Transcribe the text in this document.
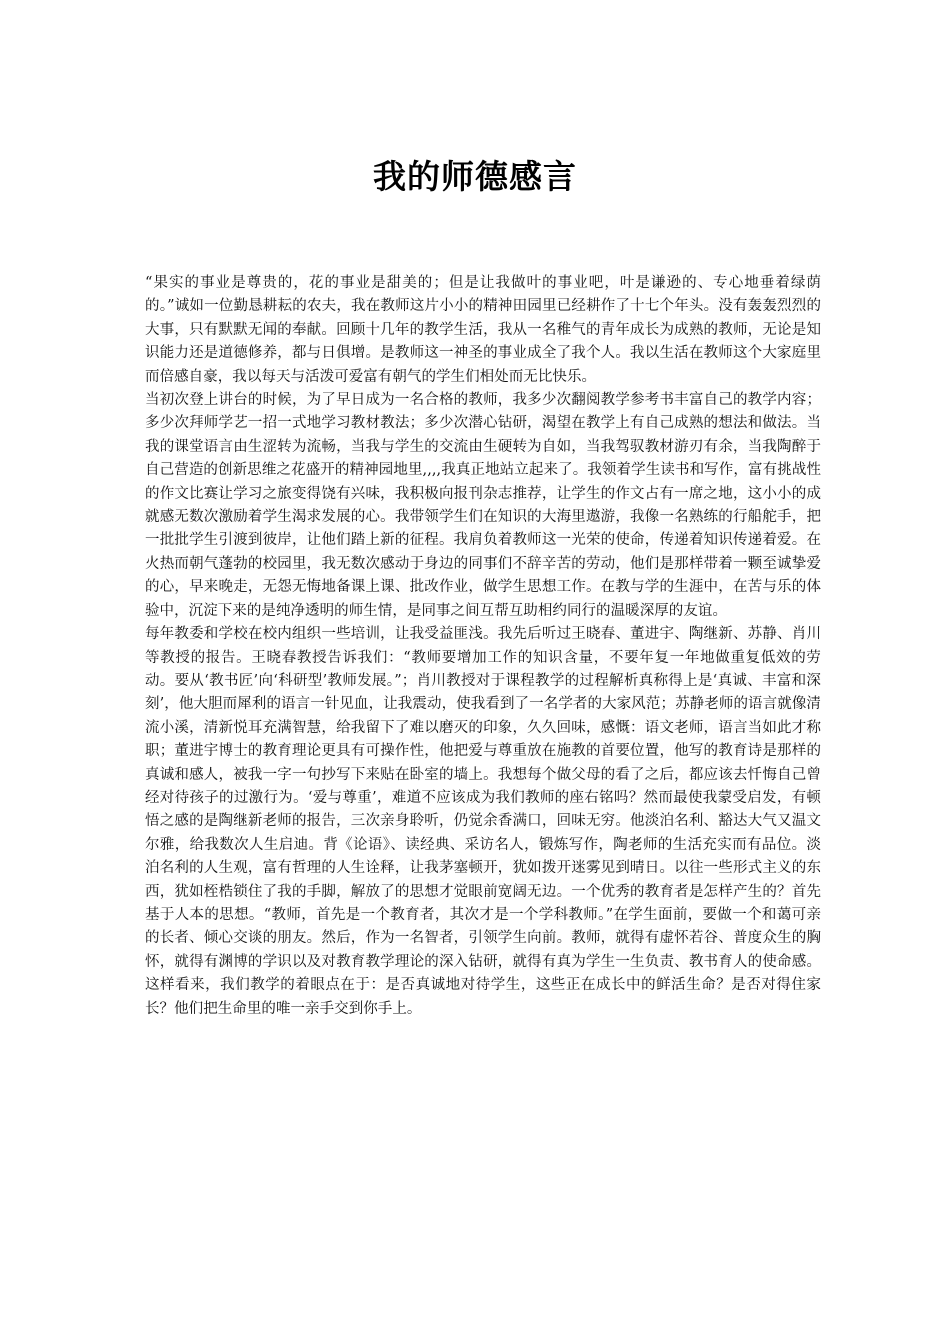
我的师德感言

“果实的事业是尊贵的，花的事业是甜美的；但是让我做叶的事业吧，叶是谦逊的、专心地垂着绿荫的。”诚如一位勤恳耕耘的农夫，我在教师这片小小的精神田园里已经耕作了十七个年头。没有轰轰烈烈的大事，只有默默无闻的奉献。回顾十几年的教学生活，我从一名稚气的青年成长为成熟的教师，无论是知识能力还是道德修养，都与日俱增。是教师这一神圣的事业成全了我个人。我以生活在教师这个大家庭里而倍感自豪，我以每天与活泼可爱富有朝气的学生们相处而无比快乐。

当初次登上讲台的时候，为了早日成为一名合格的教师，我多少次翻阅教学参考书丰富自己的教学内容；多少次拜师学艺一招一式地学习教材教法；多少次潜心钻研，渴望在教学上有自己成熟的想法和做法。当我的课堂语言由生涩转为流畅，当我与学生的交流由生硬转为自如，当我驾驭教材游刃有余，当我陶醉于自己营造的创新思维之花盛开的精神园地里,,,,我真正地站立起来了。我领着学生读书和写作，富有挑战性的作文比赛让学习之旅变得饶有兴味，我积极向报刊杂志推荐，让学生的作文占有一席之地，这小小的成就感无数次激励着学生渴求发展的心。我带领学生们在知识的大海里遨游，我像一名熟练的行船舵手，把一批批学生引渡到彼岸，让他们踏上新的征程。我肩负着教师这一光荣的使命，传递着知识传递着爱。在火热而朝气蓬勃的校园里，我无数次感动于身边的同事们不辞辛苦的劳动，他们是那样带着一颗至诚挚爱的心，早来晚走，无怨无悔地备课上课、批改作业，做学生思想工作。在教与学的生涯中，在苦与乐的体验中，沉淀下来的是纯净透明的师生情，是同事之间互帮互助相约同行的温暖深厚的友谊。

每年教委和学校在校内组织一些培训，让我受益匪浅。我先后听过王晓春、董进宇、陶继新、苏静、肖川等教授的报告。王晓春教授告诉我们：“教师要增加工作的知识含量，不要年复一年地做重复低效的劳动。要从‘教书匠’向‘科研型’教师发展。”；肖川教授对于课程教学的过程解析真称得上是‘真诚、丰富和深刻’，他大胆而犀利的语言一针见血，让我震动，使我看到了一名学者的大家风范；苏静老师的语言就像清流小溪，清新悦耳充满智慧，给我留下了难以磨灭的印象，久久回味，感慨：语文老师，语言当如此才称职；董进宇博士的教育理论更具有可操作性，他把爱与尊重放在施教的首要位置，他写的教育诗是那样的真诚和感人，被我一字一句抄写下来贴在卧室的墙上。我想每个做父母的看了之后，都应该去忏悔自己曾经对待孩子的过激行为。‘爱与尊重’，难道不应该成为我们教师的座右铭吗？然而最使我蒙受启发，有顿悟之感的是陶继新老师的报告，三次亲身聆听，仍觉余香满口，回味无穷。他淡泊名利、豁达大气又温文尔雅，给我数次人生启迪。背《论语》、读经典、采访名人，锻炼写作，陶老师的生活充实而有品位。淡泊名利的人生观，富有哲理的人生诠释，让我茅塞顿开，犹如拨开迷雾见到晴日。以往一些形式主义的东西，犹如桎梏锁住了我的手脚，解放了的思想才觉眼前宽阔无边。一个优秀的教育者是怎样产生的？首先基于人本的思想。“教师，首先是一个教育者，其次才是一个学科教师。”在学生面前，要做一个和蔼可亲的长者、倾心交谈的朋友。然后，作为一名智者，引领学生向前。教师，就得有虚怀若谷、普度众生的胸怀，就得有渊博的学识以及对教育教学理论的深入钻研，就得有真为学生一生负责、教书育人的使命感。这样看来，我们教学的着眼点在于：是否真诚地对待学生，这些正在成长中的鲜活生命？是否对得住家长？他们把生命里的唯一亲手交到你手上。
